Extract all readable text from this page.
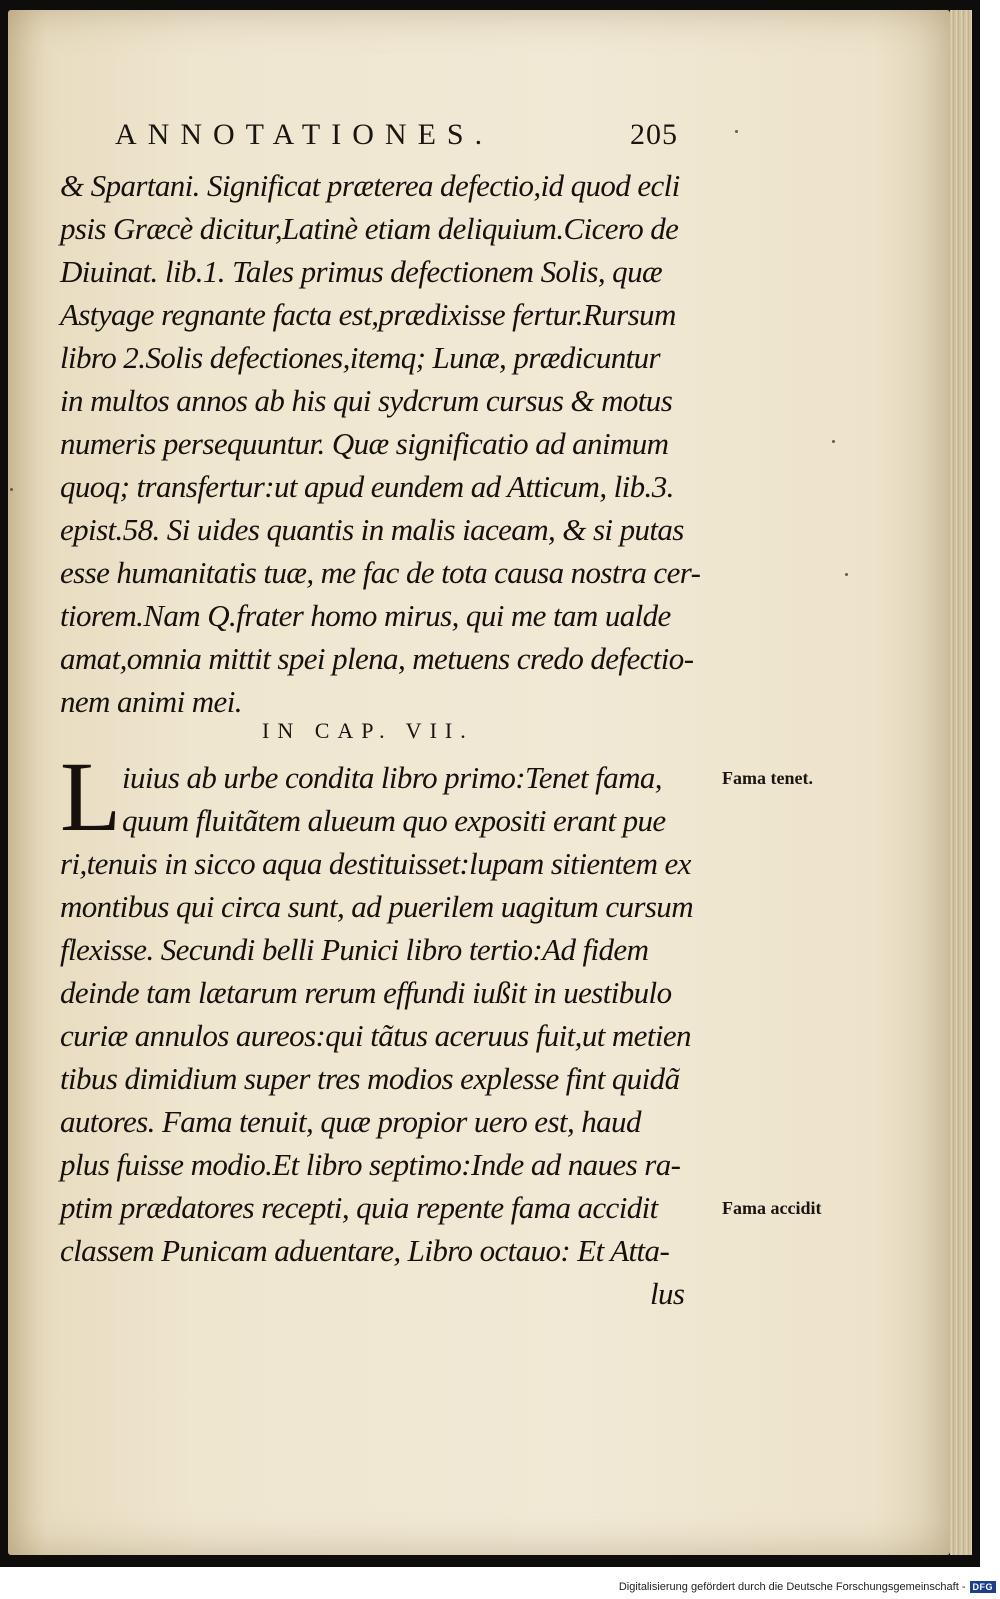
ANNOTATIONES.	205
& Spartani. Significat præterea defectio,id quod ecli
psis Græcè dicitur,Latinè etiam deliquium.Cicero de
Diuinat. lib.1. Tales primus defectionem Solis, quæ
Astyage regnante facta est,prædixisse fertur.Rursum
libro 2.Solis defectiones,itemq; Lunæ, prædicuntur
in multos annos ab his qui sydcrum cursus & motus
numeris persequuntur. Quæ significatio ad animum
quoq; transfertur:ut apud eundem ad Atticum, lib.3.
epist.58. Si uides quantis in malis iaceam, & si putas
esse humanitatis tuæ, me fac de tota causa nostra cer-
tiorem.Nam Q.frater homo mirus, qui me tam ualde
amat,omnia mittit spei plena, metuens credo defectio-
nem animi mei.
IN CAP. VII.
L iuius ab urbe condita libro primo:Tenet fama,
quum fluitãtem alueum quo expositi erant pue
ri,tenuis in sicco aqua destituisset:lupam sitientem ex
montibus qui circa sunt, ad puerilem uagitum cursum
flexisse. Secundi belli Punici libro tertio:Ad fidem
deinde tam lætarum rerum effundi iußit in uestibulo
curiæ annulos aureos:qui tãtus aceruus fuit,ut metien
tibus dimidium super tres modios explesse fint quidã
autores. Fama tenuit, quæ propior uero est, haud
plus fuisse modio.Et libro septimo:Inde ad naues ra-
ptim prædatores recepti, quia repente fama accidit
classem Punicam aduentare, Libro octauo: Et Atta-
lus
Fama tenet.
Fama accidit
Digitalisierung gefördert durch die Deutsche Forschungsgemeinschaft - DFG
